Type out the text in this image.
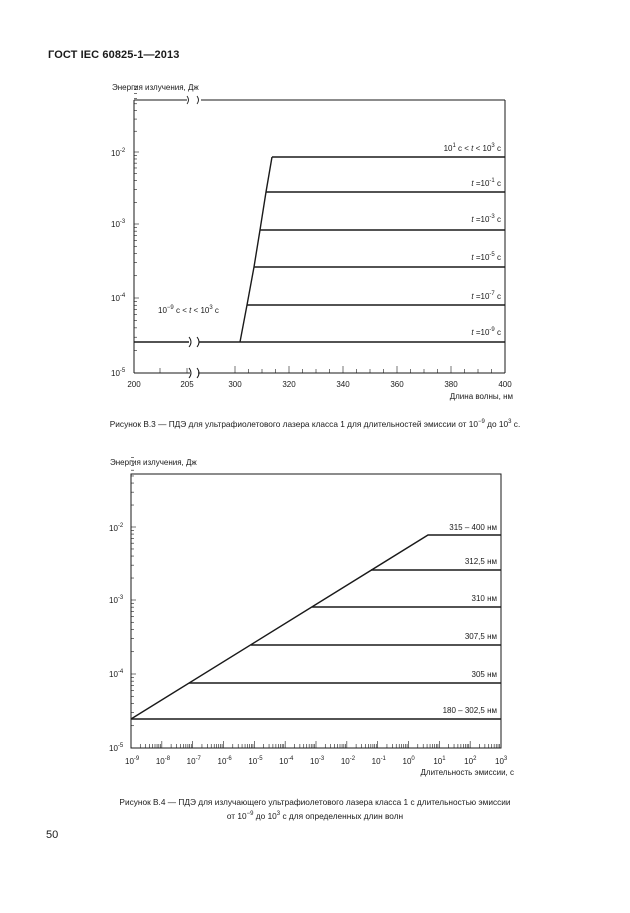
ГОСТ IEC 60825-1—2013
Энергия излучения, Дж
$10^{-2}$
$10^{-3}$
$10^{-4}$
$10^{-5}$
200	205	300	320	340	360	380	400
Длина волны, нм
$10^1$ $с < t < 10^3$ с
$10^{-9}$ $с < t < 10^3$ с
$t =10^{-1}$ с
$t =10^{-3}$ с
$t =10^{-5}$ с
$t =10^{-7}$ с
$t =10^{-9}$ с
Рисунок В.3 — ПДЭ для ультрафиолетового лазера класса 1 для длительностей эмиссии от $10^{-9}$ до $10^3$ с.
Энергия излучения, Дж
$10^{-2}$
$10^{-3}$
$10^{-4}$
$10^{-5}$
$10^{-9}$ $10^{-8}$ $10^{-7}$ $10^{-6}$ $10^{-5}$ $10^{-4}$ $10^{-3}$ $10^{-2}$ $10^{-1}$ $10^0$ $10^1$ $10^2$ $10^3$
Длительность эмиссии, с
315 – 400 нм
312,5 нм
310 нм
307,5 нм
305 нм
180 – 302,5 нм
Рисунок В.4 — ПДЭ для излучающего ультрафиолетового лазера класса 1 с длительностью эмиссии
от $10^{-9}$ до $10^3$ с для определенных длин волн
50
